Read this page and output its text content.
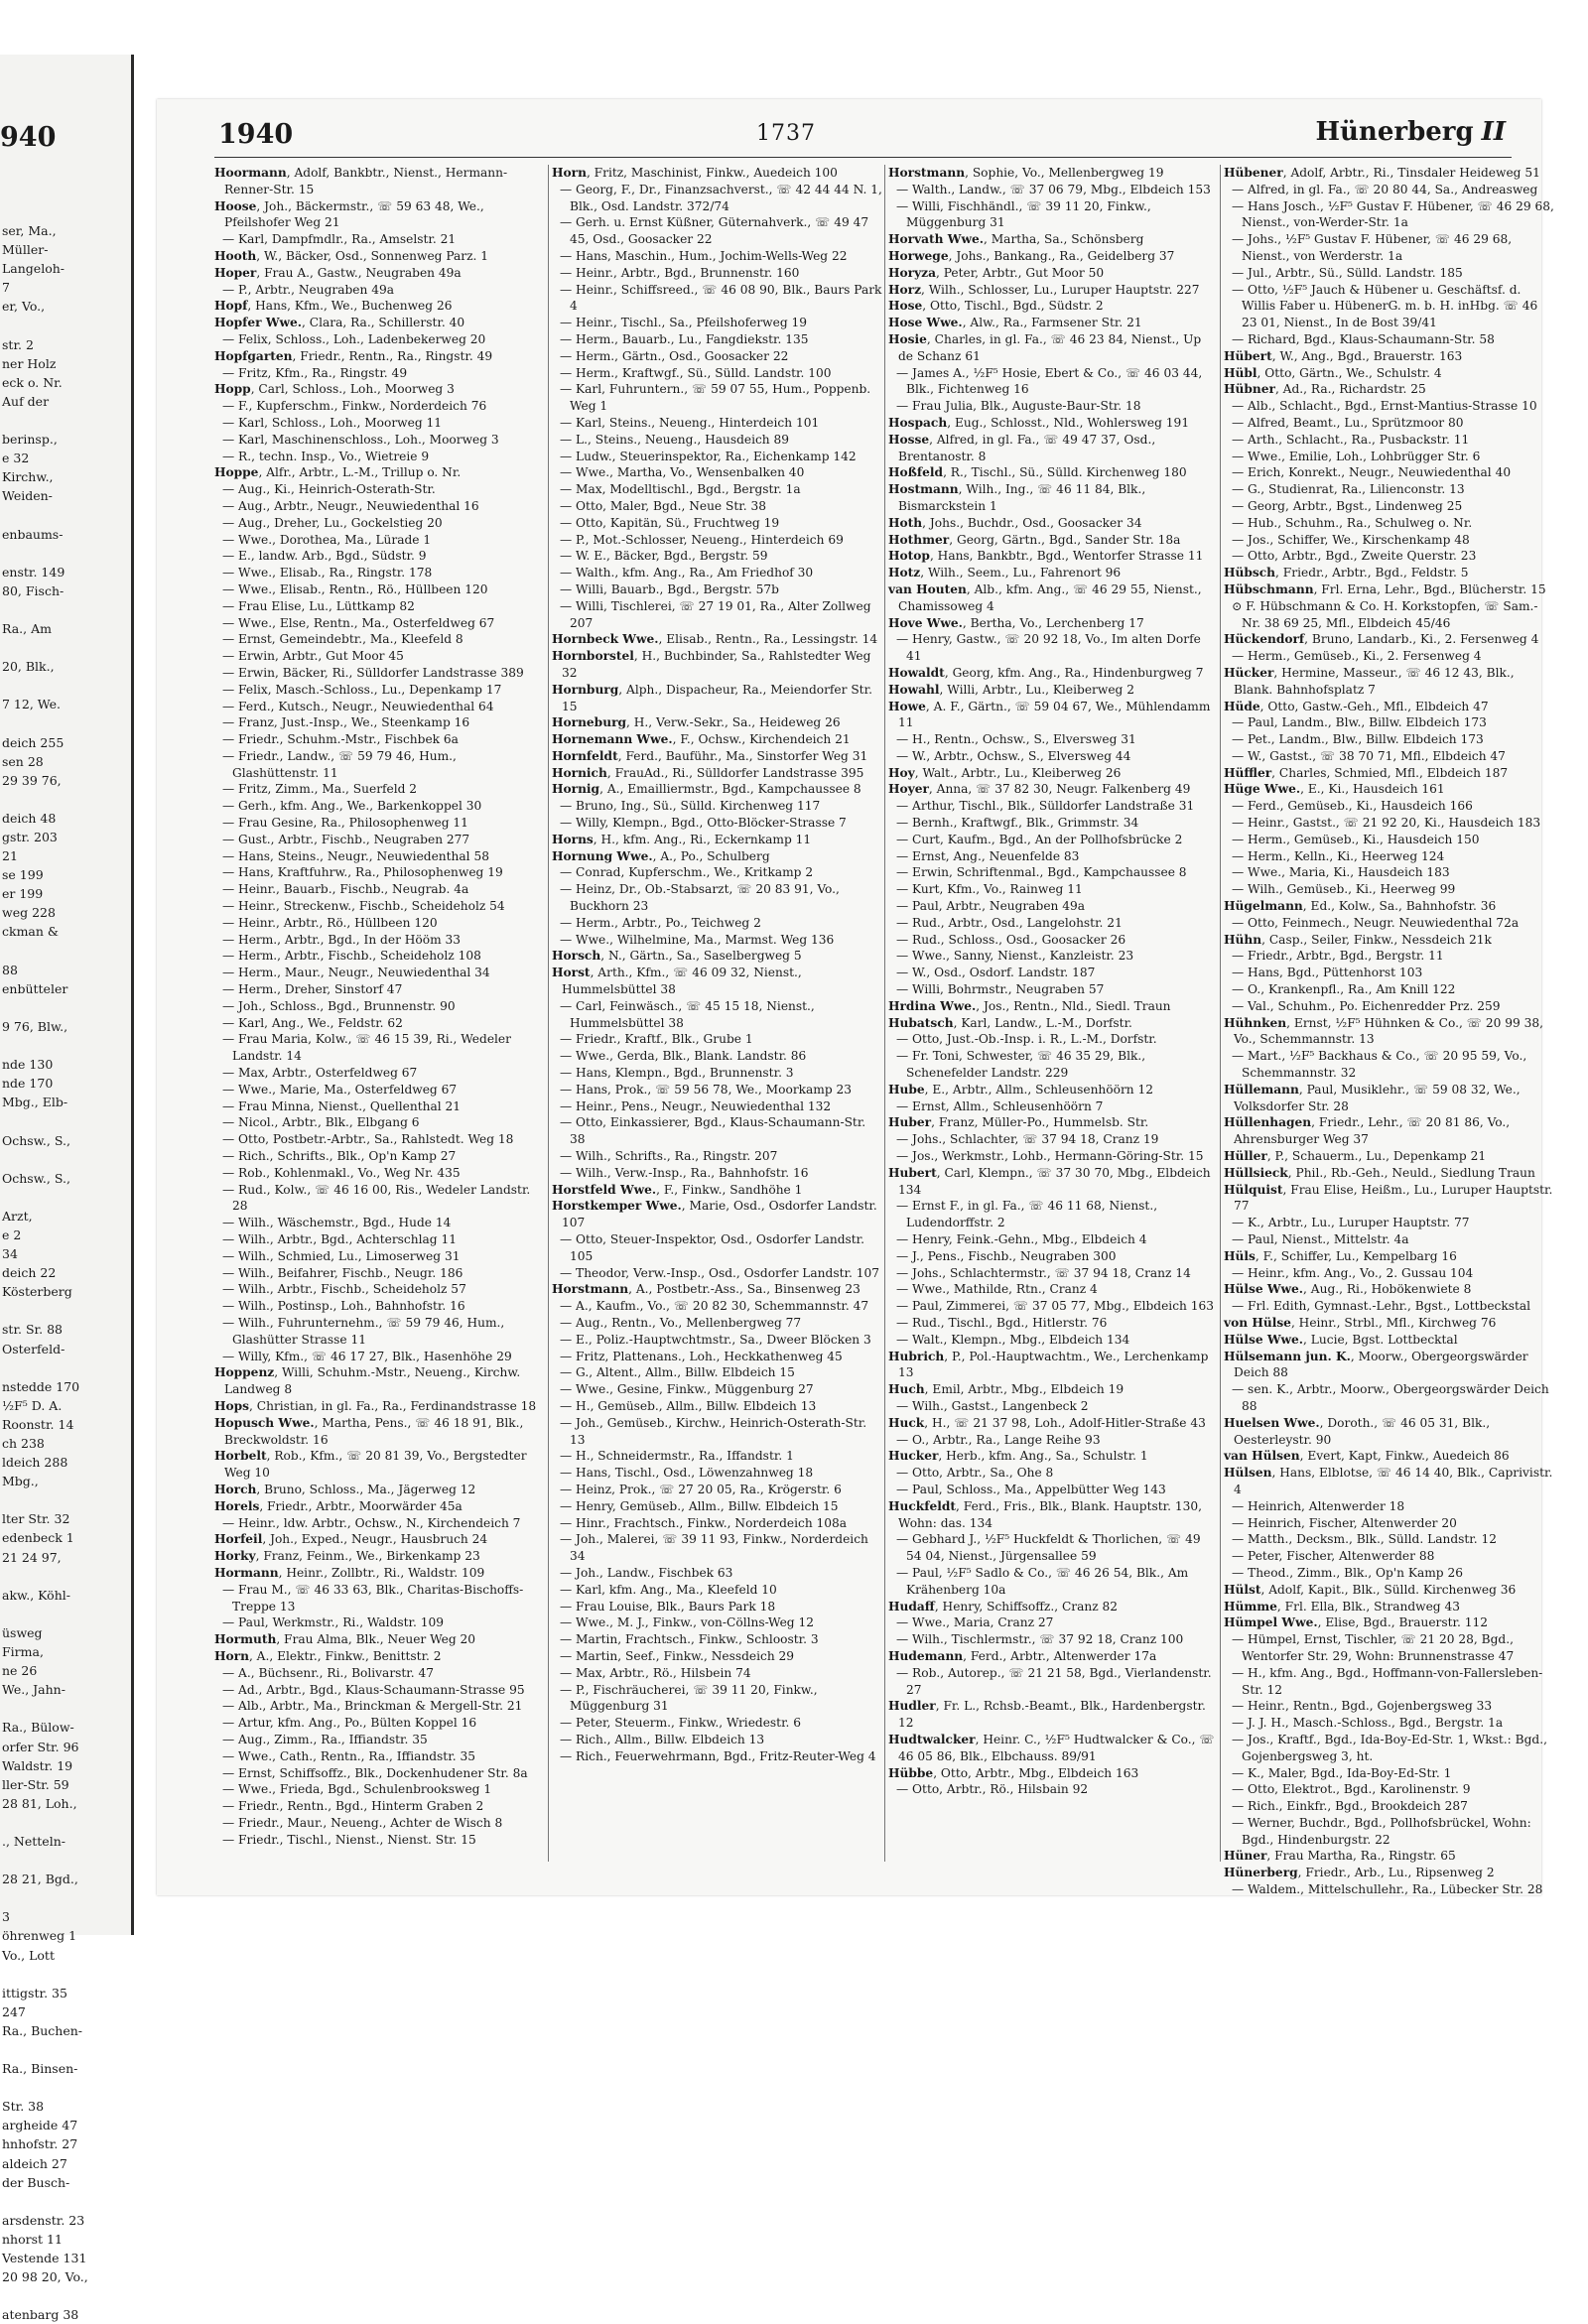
940
ser, Ma.,
Müller-
Langeloh-
7
er, Vo.,
str. 2
ner Holz
eck o. Nr.
Auf der
berinsp.,
e 32
Kirchw.,
Weiden-
enbaums-
enstr. 149
80, Fisch-
Ra., Am
20, Blk.,
7 12, We.
deich 255
sen 28
29 39 76,
deich 48
gstr. 203
21
se 199
er 199
weg 228
ckman &
88
enbütteler
9 76, Blw.,
nde 130
nde 170
Mbg., Elb-
Ochsw., S.,
Ochsw., S.,
Arzt,
e 2
34
deich 22
Kösterberg
str. Sr. 88
Osterfeld-
nstedde 170
½F⁵ D. A.
Roonstr. 14
ch 238
ldeich 288
Mbg.,
lter Str. 32
edenbeck 1
21 24 97,
akw., Köhl-
üsweg
Firma,
ne 26
We., Jahn-
Ra., Bülow-
orfer Str. 96
Waldstr. 19
ller-Str. 59
28 81, Loh.,
., Netteln-
28 21, Bgd.,
3
öhrenweg 1
Vo., Lott
ittigstr. 35
247
Ra., Buchen-
Ra., Binsen-
Str. 38
argheide 47
hnhofstr. 27
aldeich 27
der Busch-
arsdenstr. 23
nhorst 11
Vestende 131
20 98 20, Vo.,
atenbarg 38
1940	1737	Hünerberg II

Hoormann, Adolf, Bankbtr., Nienst., Hermann-Renner-Str. 15

Hoose, Joh., Bäckermstr., ☏ 59 63 48, We., Pfeilshofer Weg 21

— Karl, Dampfmdlr., Ra., Amselstr. 21

Hooth, W., Bäcker, Osd., Sonnenweg Parz. 1

Hoper, Frau A., Gastw., Neugraben 49a

— P., Arbtr., Neugraben 49a

Hopf, Hans, Kfm., We., Buchenweg 26

Hopfer Wwe., Clara, Ra., Schillerstr. 40

— Felix, Schloss., Loh., Ladenbekerweg 20

Hopfgarten, Friedr., Rentn., Ra., Ringstr. 49

— Fritz, Kfm., Ra., Ringstr. 49

Hopp, Carl, Schloss., Loh., Moorweg 3

— F., Kupferschm., Finkw., Norderdeich 76

— Karl, Schloss., Loh., Moorweg 11

— Karl, Maschinenschloss., Loh., Moorweg 3

— R., techn. Insp., Vo., Wietreie 9

Hoppe, Alfr., Arbtr., L.-M., Trillup o. Nr.

— Aug., Ki., Heinrich-Osterath-Str.

— Aug., Arbtr., Neugr., Neuwiedenthal 16

— Aug., Dreher, Lu., Gockelstieg 20

— Wwe., Dorothea, Ma., Lürade 1

— E., landw. Arb., Bgd., Südstr. 9

— Wwe., Elisab., Ra., Ringstr. 178

— Wwe., Elisab., Rentn., Rö., Hüllbeen 120

— Frau Elise, Lu., Lüttkamp 82

— Wwe., Else, Rentn., Ma., Osterfeldweg 67

— Ernst, Gemeindebtr., Ma., Kleefeld 8

— Erwin, Arbtr., Gut Moor 45

— Erwin, Bäcker, Ri., Sülldorfer Landstrasse 389

— Felix, Masch.-Schloss., Lu., Depenkamp 17

— Ferd., Kutsch., Neugr., Neuwiedenthal 64

— Franz, Just.-Insp., We., Steenkamp 16

— Friedr., Schuhm.-Mstr., Fischbek 6a

— Friedr., Landw., ☏ 59 79 46, Hum., Glashüttenstr. 11

— Fritz, Zimm., Ma., Suerfeld 2

— Gerh., kfm. Ang., We., Barkenkoppel 30

— Frau Gesine, Ra., Philosophenweg 11

— Gust., Arbtr., Fischb., Neugraben 277

— Hans, Steins., Neugr., Neuwiedenthal 58

— Hans, Kraftfuhrw., Ra., Philosophenweg 19

— Heinr., Bauarb., Fischb., Neugrab. 4a

— Heinr., Streckenw., Fischb., Scheideholz 54

— Heinr., Arbtr., Rö., Hüllbeen 120

— Herm., Arbtr., Bgd., In der Hööm 33

— Herm., Arbtr., Fischb., Scheideholz 108

— Herm., Maur., Neugr., Neuwiedenthal 34

— Herm., Dreher, Sinstorf 47

— Joh., Schloss., Bgd., Brunnenstr. 90

— Karl, Ang., We., Feldstr. 62

— Frau Maria, Kolw., ☏ 46 15 39, Ri., Wedeler Landstr. 14

— Max, Arbtr., Osterfeldweg 67

— Wwe., Marie, Ma., Osterfeldweg 67

— Frau Minna, Nienst., Quellenthal 21

— Nicol., Arbtr., Blk., Elbgang 6

— Otto, Postbetr.-Arbtr., Sa., Rahlstedt. Weg 18

— Rich., Schrifts., Blk., Op'n Kamp 27

— Rob., Kohlenmakl., Vo., Weg Nr. 435

— Rud., Kolw., ☏ 46 16 00, Ris., Wedeler Landstr. 28

— Wilh., Wäschemstr., Bgd., Hude 14

— Wilh., Arbtr., Bgd., Achterschlag 11

— Wilh., Schmied, Lu., Limoserweg 31

— Wilh., Beifahrer, Fischb., Neugr. 186

— Wilh., Arbtr., Fischb., Scheideholz 57

— Wilh., Postinsp., Loh., Bahnhofstr. 16

— Wilh., Fuhrunternehm., ☏ 59 79 46, Hum., Glashütter Strasse 11

— Willy, Kfm., ☏ 46 17 27, Blk., Hasenhöhe 29

Hoppenz, Willi, Schuhm.-Mstr., Neueng., Kirchw. Landweg 8

Hops, Christian, in gl. Fa., Ra., Ferdinandstrasse 18

Hopusch Wwe., Martha, Pens., ☏ 46 18 91, Blk., Breckwoldstr. 16

Horbelt, Rob., Kfm., ☏ 20 81 39, Vo., Bergstedter Weg 10

Horch, Bruno, Schloss., Ma., Jägerweg 12

Horels, Friedr., Arbtr., Moorwärder 45a

— Heinr., ldw. Arbtr., Ochsw., N., Kirchendeich 7

Horfeil, Joh., Exped., Neugr., Hausbruch 24

Horky, Franz, Feinm., We., Birkenkamp 23

Hormann, Heinr., Zollbtr., Ri., Waldstr. 109

— Frau M., ☏ 46 33 63, Blk., Charitas-Bischoffs-Treppe 13

— Paul, Werkmstr., Ri., Waldstr. 109

Hormuth, Frau Alma, Blk., Neuer Weg 20

Horn, A., Elektr., Finkw., Benittstr. 2

— A., Büchsenr., Ri., Bolivarstr. 47

— Ad., Arbtr., Bgd., Klaus-Schaumann-Strasse 95

— Alb., Arbtr., Ma., Brinckman & Mergell-Str. 21

— Artur, kfm. Ang., Po., Bülten Koppel 16

— Aug., Zimm., Ra., Iffiandstr. 35

— Wwe., Cath., Rentn., Ra., Iffiandstr. 35

— Ernst, Schiffsoffz., Blk., Dockenhudener Str. 8a

— Wwe., Frieda, Bgd., Schulenbrooksweg 1

— Friedr., Rentn., Bgd., Hinterm Graben 2

— Friedr., Maur., Neueng., Achter de Wisch 8

— Friedr., Tischl., Nienst., Nienst. Str. 15

Horn, Fritz, Maschinist, Finkw., Auedeich 100

— Georg, F., Dr., Finanzsachverst., ☏ 42 44 44 N. 1, Blk., Osd. Landstr. 372/74

— Gerh. u. Ernst Küßner, Güternahverk., ☏ 49 47 45, Osd., Goosacker 22

— Hans, Maschin., Hum., Jochim-Wells-Weg 22

— Heinr., Arbtr., Bgd., Brunnenstr. 160

— Heinr., Schiffsreed., ☏ 46 08 90, Blk., Baurs Park 4

— Heinr., Tischl., Sa., Pfeilshoferweg 19

— Herm., Bauarb., Lu., Fangdiekstr. 135

— Herm., Gärtn., Osd., Goosacker 22

— Herm., Kraftwgf., Sü., Sülld. Landstr. 100

— Karl, Fuhruntern., ☏ 59 07 55, Hum., Poppenb. Weg 1

— Karl, Steins., Neueng., Hinterdeich 101

— L., Steins., Neueng., Hausdeich 89

— Ludw., Steuerinspektor, Ra., Eichenkamp 142

— Wwe., Martha, Vo., Wensenbalken 40

— Max, Modelltischl., Bgd., Bergstr. 1a

— Otto, Maler, Bgd., Neue Str. 38

— Otto, Kapitän, Sü., Fruchtweg 19

— P., Mot.-Schlosser, Neueng., Hinterdeich 69

— W. E., Bäcker, Bgd., Bergstr. 59

— Walth., kfm. Ang., Ra., Am Friedhof 30

— Willi, Bauarb., Bgd., Bergstr. 57b

— Willi, Tischlerei, ☏ 27 19 01, Ra., Alter Zollweg 207

Hornbeck Wwe., Elisab., Rentn., Ra., Lessingstr. 14

Hornborstel, H., Buchbinder, Sa., Rahlstedter Weg 32

Hornburg, Alph., Dispacheur, Ra., Meiendorfer Str. 15

Horneburg, H., Verw.-Sekr., Sa., Heideweg 26

Hornemann Wwe., F., Ochsw., Kirchendeich 21

Hornfeldt, Ferd., Bauführ., Ma., Sinstorfer Weg 31

Hornich, FrauAd., Ri., Sülldorfer Landstrasse 395

Hornig, A., Emailliermstr., Bgd., Kampchaussee 8

— Bruno, Ing., Sü., Sülld. Kirchenweg 117

— Willy, Klempn., Bgd., Otto-Blöcker-Strasse 7

Horns, H., kfm. Ang., Ri., Eckernkamp 11

Hornung Wwe., A., Po., Schulberg

— Conrad, Kupferschm., We., Kritkamp 2

— Heinz, Dr., Ob.-Stabsarzt, ☏ 20 83 91, Vo., Buckhorn 23

— Herm., Arbtr., Po., Teichweg 2

— Wwe., Wilhelmine, Ma., Marmst. Weg 136

Horsch, N., Gärtn., Sa., Saselbergweg 5

Horst, Arth., Kfm., ☏ 46 09 32, Nienst., Hummelsbüttel 38

— Carl, Feinwäsch., ☏ 45 15 18, Nienst., Hummelsbüttel 38

— Friedr., Kraftf., Blk., Grube 1

— Wwe., Gerda, Blk., Blank. Landstr. 86

— Hans, Klempn., Bgd., Brunnenstr. 3

— Hans, Prok., ☏ 59 56 78, We., Moorkamp 23

— Heinr., Pens., Neugr., Neuwiedenthal 132

— Otto, Einkassierer, Bgd., Klaus-Schaumann-Str. 38

— Wilh., Schrifts., Ra., Ringstr. 207

— Wilh., Verw.-Insp., Ra., Bahnhofstr. 16

Horstfeld Wwe., F., Finkw., Sandhöhe 1

Horstkemper Wwe., Marie, Osd., Osdorfer Landstr. 107

— Otto, Steuer-Inspektor, Osd., Osdorfer Landstr. 105

— Theodor, Verw.-Insp., Osd., Osdorfer Landstr. 107

Horstmann, A., Postbetr.-Ass., Sa., Binsenweg 23

— A., Kaufm., Vo., ☏ 20 82 30, Schemmannstr. 47

— Aug., Rentn., Vo., Mellenbergweg 77

— E., Poliz.-Hauptwchtmstr., Sa., Dweer Blöcken 3

— Fritz, Plattenans., Loh., Heckkathenweg 45

— G., Altent., Allm., Billw. Elbdeich 15

— Wwe., Gesine, Finkw., Müggenburg 27

— H., Gemüseb., Allm., Billw. Elbdeich 13

— Joh., Gemüseb., Kirchw., Heinrich-Osterath-Str. 13

— H., Schneidermstr., Ra., Iffandstr. 1

— Hans, Tischl., Osd., Löwenzahnweg 18

— Heinz, Prok., ☏ 27 20 05, Ra., Krögerstr. 6

— Henry, Gemüseb., Allm., Billw. Elbdeich 15

— Hinr., Frachtsch., Finkw., Norderdeich 108a

— Joh., Malerei, ☏ 39 11 93, Finkw., Norderdeich 34

— Joh., Landw., Fischbek 63

— Karl, kfm. Ang., Ma., Kleefeld 10

— Frau Louise, Blk., Baurs Park 18

— Wwe., M. J., Finkw., von-Cöllns-Weg 12

— Martin, Frachtsch., Finkw., Schloostr. 3

— Martin, Seef., Finkw., Nessdeich 29

— Max, Arbtr., Rö., Hilsbein 74

— P., Fischräucherei, ☏ 39 11 20, Finkw., Müggenburg 31

— Peter, Steuerm., Finkw., Wriedestr. 6

— Rich., Allm., Billw. Elbdeich 13

— Rich., Feuerwehrmann, Bgd., Fritz-Reuter-Weg 4

Horstmann, Sophie, Vo., Mellenbergweg 19

— Walth., Landw., ☏ 37 06 79, Mbg., Elbdeich 153

— Willi, Fischhändl., ☏ 39 11 20, Finkw., Müggenburg 31

Horvath Wwe., Martha, Sa., Schönsberg

Horwege, Johs., Bankang., Ra., Geidelberg 37

Horyza, Peter, Arbtr., Gut Moor 50

Horz, Wilh., Schlosser, Lu., Luruper Hauptstr. 227

Hose, Otto, Tischl., Bgd., Südstr. 2

Hose Wwe., Alw., Ra., Farmsener Str. 21

Hosie, Charles, in gl. Fa., ☏ 46 23 84, Nienst., Up de Schanz 61

— James A., ½F⁵ Hosie, Ebert & Co., ☏ 46 03 44, Blk., Fichtenweg 16

— Frau Julia, Blk., Auguste-Baur-Str. 18

Hospach, Eug., Schlosst., Nld., Wohlersweg 191

Hosse, Alfred, in gl. Fa., ☏ 49 47 37, Osd., Brentanostr. 8

Hoßfeld, R., Tischl., Sü., Sülld. Kirchenweg 180

Hostmann, Wilh., Ing., ☏ 46 11 84, Blk., Bismarckstein 1

Hoth, Johs., Buchdr., Osd., Goosacker 34

Hothmer, Georg, Gärtn., Bgd., Sander Str. 18a

Hotop, Hans, Bankbtr., Bgd., Wentorfer Strasse 11

Hotz, Wilh., Seem., Lu., Fahrenort 96

van Houten, Alb., kfm. Ang., ☏ 46 29 55, Nienst., Chamissoweg 4

Hove Wwe., Bertha, Vo., Lerchenberg 17

— Henry, Gastw., ☏ 20 92 18, Vo., Im alten Dorfe 41

Howaldt, Georg, kfm. Ang., Ra., Hindenburgweg 7

Howahl, Willi, Arbtr., Lu., Kleiberweg 2

Howe, A. F., Gärtn., ☏ 59 04 67, We., Mühlendamm 11

— H., Rentn., Ochsw., S., Elversweg 31

— W., Arbtr., Ochsw., S., Elversweg 44

Hoy, Walt., Arbtr., Lu., Kleiberweg 26

Hoyer, Anna, ☏ 37 82 30, Neugr. Falkenberg 49

— Arthur, Tischl., Blk., Sülldorfer Landstraße 31

— Bernh., Kraftwgf., Blk., Grimmstr. 34

— Curt, Kaufm., Bgd., An der Pollhofsbrücke 2

— Ernst, Ang., Neuenfelde 83

— Erwin, Schriftenmal., Bgd., Kampchaussee 8

— Kurt, Kfm., Vo., Rainweg 11

— Paul, Arbtr., Neugraben 49a

— Rud., Arbtr., Osd., Langelohstr. 21

— Rud., Schloss., Osd., Goosacker 26

— Wwe., Sanny, Nienst., Kanzleistr. 23

— W., Osd., Osdorf. Landstr. 187

— Willi, Bohrmstr., Neugraben 57

Hrdina Wwe., Jos., Rentn., Nld., Siedl. Traun

Hubatsch, Karl, Landw., L.-M., Dorfstr.

— Otto, Just.-Ob.-Insp. i. R., L.-M., Dorfstr.

— Fr. Toni, Schwester, ☏ 46 35 29, Blk., Schenefelder Landstr. 229

Hube, E., Arbtr., Allm., Schleusenhöörn 12

— Ernst, Allm., Schleusenhöörn 7

Huber, Franz, Müller-Po., Hummelsb. Str.

— Johs., Schlachter, ☏ 37 94 18, Cranz 19

— Jos., Werkmstr., Lohb., Hermann-Göring-Str. 15

Hubert, Carl, Klempn., ☏ 37 30 70, Mbg., Elbdeich 134

— Ernst F., in gl. Fa., ☏ 46 11 68, Nienst., Ludendorffstr. 2

— Henry, Feink.-Gehn., Mbg., Elbdeich 4

— J., Pens., Fischb., Neugraben 300

— Johs., Schlachtermstr., ☏ 37 94 18, Cranz 14

— Wwe., Mathilde, Rtn., Cranz 4

— Paul, Zimmerei, ☏ 37 05 77, Mbg., Elbdeich 163

— Rud., Tischl., Bgd., Hitlerstr. 76

— Walt., Klempn., Mbg., Elbdeich 134

Hubrich, P., Pol.-Hauptwachtm., We., Lerchenkamp 13

Huch, Emil, Arbtr., Mbg., Elbdeich 19

— Wilh., Gastst., Langenbeck 2

Huck, H., ☏ 21 37 98, Loh., Adolf-Hitler-Straße 43

— O., Arbtr., Ra., Lange Reihe 93

Hucker, Herb., kfm. Ang., Sa., Schulstr. 1

— Otto, Arbtr., Sa., Ohe 8

— Paul, Schloss., Ma., Appelbütter Weg 143

Huckfeldt, Ferd., Fris., Blk., Blank. Hauptstr. 130, Wohn: das. 134

— Gebhard J., ½F⁵ Huckfeldt & Thorlichen, ☏ 49 54 04, Nienst., Jürgensallee 59

— Paul, ½F⁵ Sadlo & Co., ☏ 46 26 54, Blk., Am Krähenberg 10a

Hudaff, Henry, Schiffsoffz., Cranz 82

— Wwe., Maria, Cranz 27

— Wilh., Tischlermstr., ☏ 37 92 18, Cranz 100

Hudemann, Ferd., Arbtr., Altenwerder 17a

— Rob., Autorep., ☏ 21 21 58, Bgd., Vierlandenstr. 27

Hudler, Fr. L., Rchsb.-Beamt., Blk., Hardenbergstr. 12

Hudtwalcker, Heinr. C., ½F⁵ Hudtwalcker & Co., ☏ 46 05 86, Blk., Elbchauss. 89/91

Hübbe, Otto, Arbtr., Mbg., Elbdeich 163

— Otto, Arbtr., Rö., Hilsbain 92

Hübener, Adolf, Arbtr., Ri., Tinsdaler Heideweg 51

— Alfred, in gl. Fa., ☏ 20 80 44, Sa., Andreasweg

— Hans Josch., ½F⁵ Gustav F. Hübener, ☏ 46 29 68, Nienst., von-Werder-Str. 1a

— Johs., ½F⁵ Gustav F. Hübener, ☏ 46 29 68, Nienst., von Werderstr. 1a

— Jul., Arbtr., Sü., Sülld. Landstr. 185

— Otto, ½F⁵ Jauch & Hübener u. Geschäftsf. d. Willis Faber u. HübenerG. m. b. H. inHbg. ☏ 46 23 01, Nienst., In de Bost 39/41

— Richard, Bgd., Klaus-Schaumann-Str. 58

Hübert, W., Ang., Bgd., Brauerstr. 163

Hübl, Otto, Gärtn., We., Schulstr. 4

Hübner, Ad., Ra., Richardstr. 25

— Alb., Schlacht., Bgd., Ernst-Mantius-Strasse 10

— Alfred, Beamt., Lu., Sprützmoor 80

— Arth., Schlacht., Ra., Pusbackstr. 11

— Wwe., Emilie, Loh., Lohbrügger Str. 6

— Erich, Konrekt., Neugr., Neuwiedenthal 40

— G., Studienrat, Ra., Lilienconstr. 13

— Georg, Arbtr., Bgst., Lindenweg 25

— Hub., Schuhm., Ra., Schulweg o. Nr.

— Jos., Schiffer, We., Kirschenkamp 48

— Otto, Arbtr., Bgd., Zweite Querstr. 23

Hübsch, Friedr., Arbtr., Bgd., Feldstr. 5

Hübschmann, Frl. Erna, Lehr., Bgd., Blücherstr. 15

⊙ F. Hübschmann & Co. H. Korkstopfen, ☏ Sam.-Nr. 38 69 25, Mfl., Elbdeich 45/46

Hückendorf, Bruno, Landarb., Ki., 2. Fersenweg 4

— Herm., Gemüseb., Ki., 2. Fersenweg 4

Hücker, Hermine, Masseur., ☏ 46 12 43, Blk., Blank. Bahnhofsplatz 7

Hüde, Otto, Gastw.-Geh., Mfl., Elbdeich 47

— Paul, Landm., Blw., Billw. Elbdeich 173

— Pet., Landm., Blw., Billw. Elbdeich 173

— W., Gastst., ☏ 38 70 71, Mfl., Elbdeich 47

Hüffler, Charles, Schmied, Mfl., Elbdeich 187

Hüge Wwe., E., Ki., Hausdeich 161

— Ferd., Gemüseb., Ki., Hausdeich 166

— Heinr., Gastst., ☏ 21 92 20, Ki., Hausdeich 183

— Herm., Gemüseb., Ki., Hausdeich 150

— Herm., Kelln., Ki., Heerweg 124

— Wwe., Maria, Ki., Hausdeich 183

— Wilh., Gemüseb., Ki., Heerweg 99

Hügelmann, Ed., Kolw., Sa., Bahnhofstr. 36

— Otto, Feinmech., Neugr. Neuwiedenthal 72a

Hühn, Casp., Seiler, Finkw., Nessdeich 21k

— Friedr., Arbtr., Bgd., Bergstr. 11

— Hans, Bgd., Püttenhorst 103

— O., Krankenpfl., Ra., Am Knill 122

— Val., Schuhm., Po. Eichenredder Prz. 259

Hühnken, Ernst, ½F⁵ Hühnken & Co., ☏ 20 99 38, Vo., Schemmannstr. 13

— Mart., ½F⁵ Backhaus & Co., ☏ 20 95 59, Vo., Schemmannstr. 32

Hüllemann, Paul, Musiklehr., ☏ 59 08 32, We., Volksdorfer Str. 28

Hüllenhagen, Friedr., Lehr., ☏ 20 81 86, Vo., Ahrensburger Weg 37

Hüller, P., Schauerm., Lu., Depenkamp 21

Hüllsieck, Phil., Rb.-Geh., Neuld., Siedlung Traun

Hülquist, Frau Elise, Heißm., Lu., Luruper Hauptstr. 77

— K., Arbtr., Lu., Luruper Hauptstr. 77

— Paul, Nienst., Mittelstr. 4a

Hüls, F., Schiffer, Lu., Kempelbarg 16

— Heinr., kfm. Ang., Vo., 2. Gussau 104

Hülse Wwe., Aug., Ri., Hobökenwiete 8

— Frl. Edith, Gymnast.-Lehr., Bgst., Lottbeckstal

von Hülse, Heinr., Strbl., Mfl., Kirchweg 76

Hülse Wwe., Lucie, Bgst. Lottbecktal

Hülsemann jun. K., Moorw., Obergeorgswärder Deich 88

— sen. K., Arbtr., Moorw., Obergeorgswärder Deich 88

Huelsen Wwe., Doroth., ☏ 46 05 31, Blk., Oesterleystr. 90

van Hülsen, Evert, Kapt, Finkw., Auedeich 86

Hülsen, Hans, Elblotse, ☏ 46 14 40, Blk., Caprivistr. 4

— Heinrich, Altenwerder 18

— Heinrich, Fischer, Altenwerder 20

— Matth., Decksm., Blk., Sülld. Landstr. 12

— Peter, Fischer, Altenwerder 88

— Theod., Zimm., Blk., Op'n Kamp 26

Hülst, Adolf, Kapit., Blk., Sülld. Kirchenweg 36

Hümme, Frl. Ella, Blk., Strandweg 43

Hümpel Wwe., Elise, Bgd., Brauerstr. 112

— Hümpel, Ernst, Tischler, ☏ 21 20 28, Bgd., Wentorfer Str. 29, Wohn: Brunnenstrasse 47

— H., kfm. Ang., Bgd., Hoffmann-von-Fallersleben-Str. 12

— Heinr., Rentn., Bgd., Gojenbergsweg 33

— J. J. H., Masch.-Schloss., Bgd., Bergstr. 1a

— Jos., Kraftf., Bgd., Ida-Boy-Ed-Str. 1, Wkst.: Bgd., Gojenbergsweg 3, ht.

— K., Maler, Bgd., Ida-Boy-Ed-Str. 1

— Otto, Elektrot., Bgd., Karolinenstr. 9

— Rich., Einkfr., Bgd., Brookdeich 287

— Werner, Buchdr., Bgd., Pollhofsbrückel, Wohn: Bgd., Hindenburgstr. 22

Hüner, Frau Martha, Ra., Ringstr. 65

Hünerberg, Friedr., Arb., Lu., Ripsenweg 2

— Waldem., Mittelschullehr., Ra., Lübecker Str. 28
